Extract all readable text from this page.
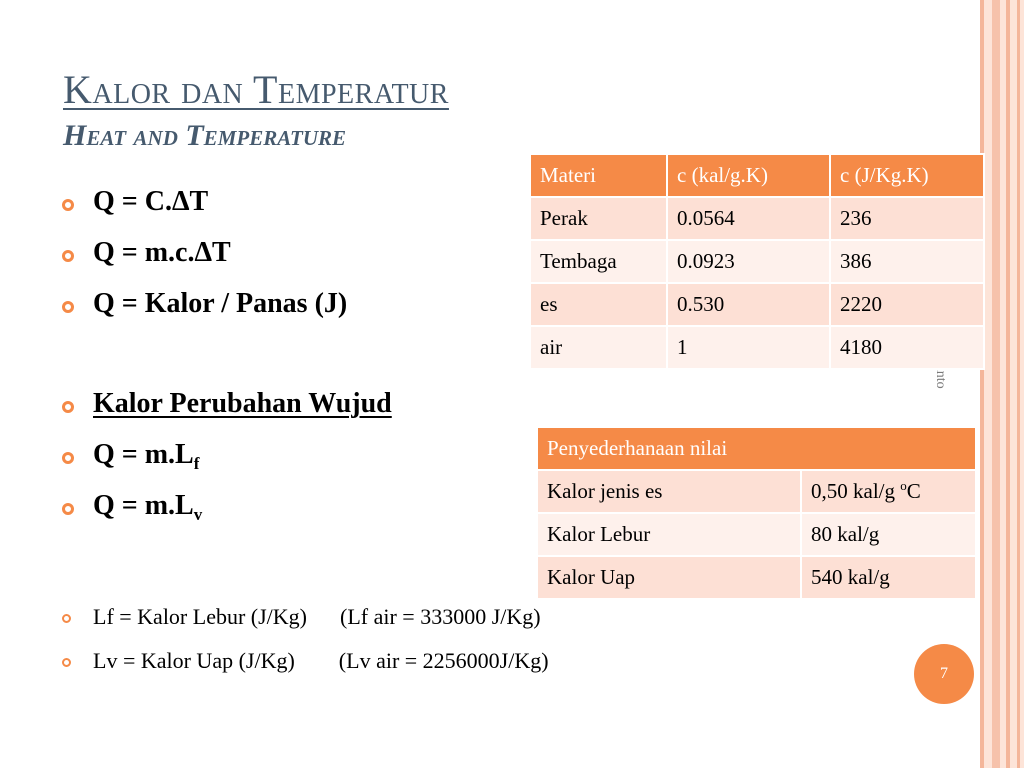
Kalor dan Temperatur
Heat and Temperature
Q = C.ΔT
Q = m.c.ΔT
Q = Kalor / Panas (J)
Kalor Perubahan Wujud
$Q = m.L_f$
$Q = m.L_v$
Lf = Kalor Lebur (J/Kg)      (Lf air = 333000 J/Kg)
Lv = Kalor Uap (J/Kg)        (Lv air = 2256000J/Kg)
Materi	c (kal/g.K)	c (J/Kg.K)
Perak	0.0564	236
Tembaga	0.0923	386
es	0.530	2220
air	1	4180
Penyederhanaan nilai	
Kalor jenis es	0,50 kal/g $^o$C
Kalor Lebur	80 kal/g
Kalor Uap	540 kal/g
7
